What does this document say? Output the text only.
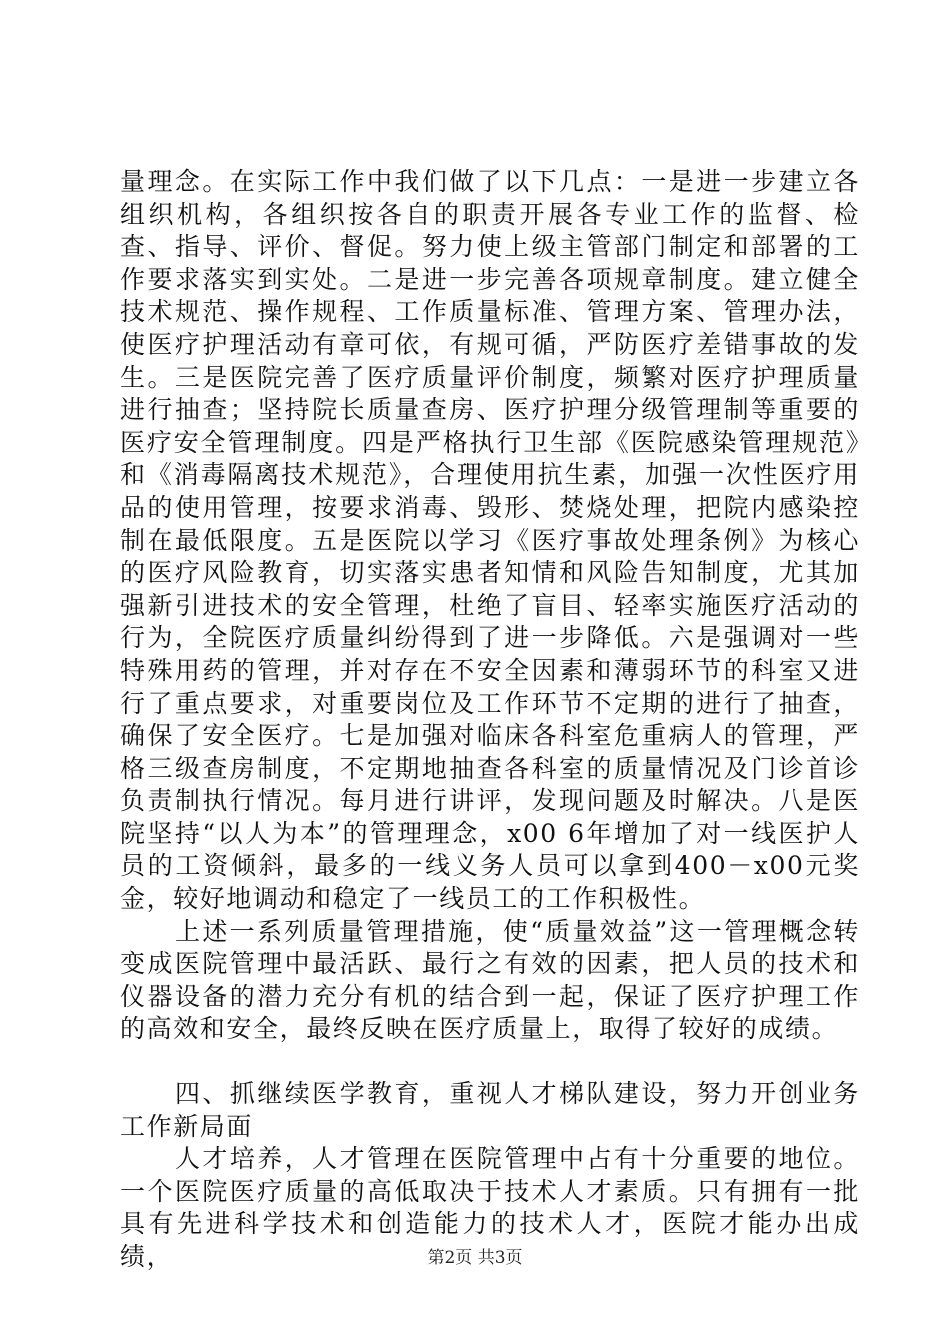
量理念。在实际工作中我们做了以下几点：一是进一步建立各组织机构，各组织按各自的职责开展各专业工作的监督、检查、指导、评价、督促。努力使上级主管部门制定和部署的工作要求落实到实处。二是进一步完善各项规章制度。建立健全技术规范、操作规程、工作质量标准、管理方案、管理办法，使医疗护理活动有章可依，有规可循，严防医疗差错事故的发生。三是医院完善了医疗质量评价制度，频繁对医疗护理质量进行抽查；坚持院长质量查房、医疗护理分级管理制等重要的医疗安全管理制度。四是严格执行卫生部《医院感染管理规范》和《消毒隔离技术规范》，合理使用抗生素，加强一次性医疗用品的使用管理，按要求消毒、毁形、焚烧处理，把院内感染控制在最低限度。五是医院以学习《医疗事故处理条例》为核心的医疗风险教育，切实落实患者知情和风险告知制度，尤其加强新引进技术的安全管理，杜绝了盲目、轻率实施医疗活动的行为，全院医疗质量纠纷得到了进一步降低。六是强调对一些特殊用药的管理，并对存在不安全因素和薄弱环节的科室又进行了重点要求，对重要岗位及工作环节不定期的进行了抽查，确保了安全医疗。七是加强对临床各科室危重病人的管理，严格三级查房制度，不定期地抽查各科室的质量情况及门诊首诊负责制执行情况。每月进行讲评，发现问题及时解决。八是医院坚持“以人为本”的管理理念，x00 6年增加了对一线医护人员的工资倾斜，最多的一线义务人员可以拿到400－x00元奖金，较好地调动和稳定了一线员工的工作积极性。

上述一系列质量管理措施，使“质量效益”这一管理概念转变成医院管理中最活跃、最行之有效的因素，把人员的技术和仪器设备的潜力充分有机的结合到一起，保证了医疗护理工作的高效和安全，最终反映在医疗质量上，取得了较好的成绩。

四、抓继续医学教育，重视人才梯队建设，努力开创业务工作新局面

人才培养，人才管理在医院管理中占有十分重要的地位。一个医院医疗质量的高低取决于技术人才素质。只有拥有一批具有先进科学技术和创造能力的技术人才，医院才能办出成绩，	第2页 共3页
